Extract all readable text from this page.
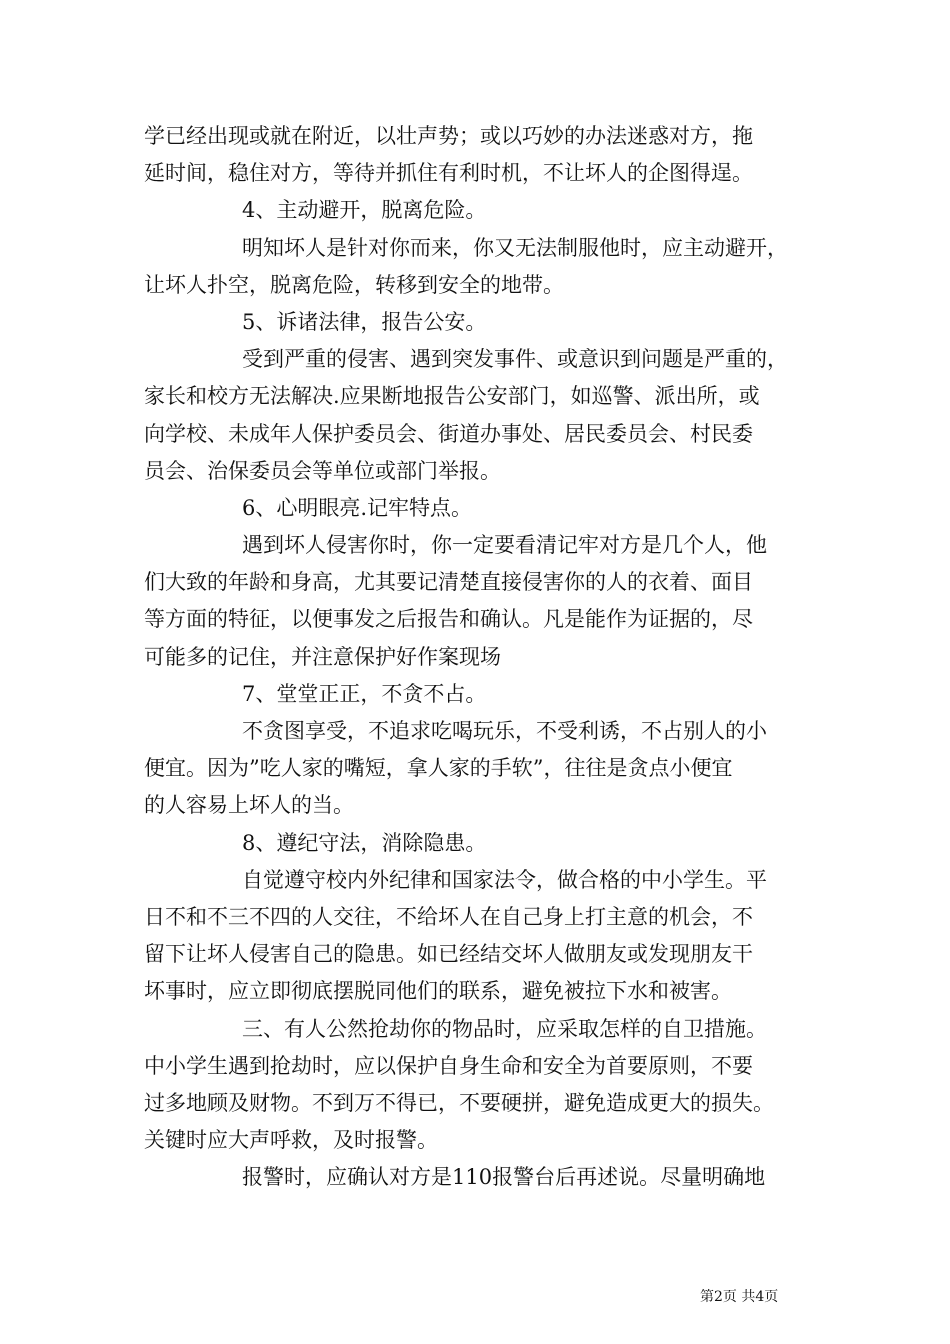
学已经出现或就在附近，以壮声势；或以巧妙的办法迷惑对方，拖
延时间，稳住对方，等待并抓住有利时机，不让坏人的企图得逞。
4、主动避开，脱离危险。
明知坏人是针对你而来，你又无法制服他时，应主动避开，
让坏人扑空，脱离危险，转移到安全的地带。
5、诉诸法律，报告公安。
受到严重的侵害、遇到突发事件、或意识到问题是严重的，
家长和校方无法解决.应果断地报告公安部门，如巡警、派出所，或
向学校、未成年人保护委员会、街道办事处、居民委员会、村民委
员会、治保委员会等单位或部门举报。
6、心明眼亮.记牢特点。
遇到坏人侵害你时，你一定要看清记牢对方是几个人，他
们大致的年龄和身高，尤其要记清楚直接侵害你的人的衣着、面目
等方面的特征，以便事发之后报告和确认。凡是能作为证据的，尽
可能多的记住，并注意保护好作案现场
7、堂堂正正，不贪不占。
不贪图享受，不追求吃喝玩乐，不受利诱，不占别人的小
便宜。因为”吃人家的嘴短，拿人家的手软”，往往是贪点小便宜
的人容易上坏人的当。
8、遵纪守法，消除隐患。
自觉遵守校内外纪律和国家法令，做合格的中小学生。平
日不和不三不四的人交往，不给坏人在自己身上打主意的机会，不
留下让坏人侵害自己的隐患。如已经结交坏人做朋友或发现朋友干
坏事时，应立即彻底摆脱同他们的联系，避免被拉下水和被害。
三、有人公然抢劫你的物品时，应采取怎样的自卫措施。
中小学生遇到抢劫时，应以保护自身生命和安全为首要原则，不要
过多地顾及财物。不到万不得已，不要硬拼，避免造成更大的损失。
关键时应大声呼救，及时报警。
报警时，应确认对方是110报警台后再述说。尽量明确地
第2页 共4页
